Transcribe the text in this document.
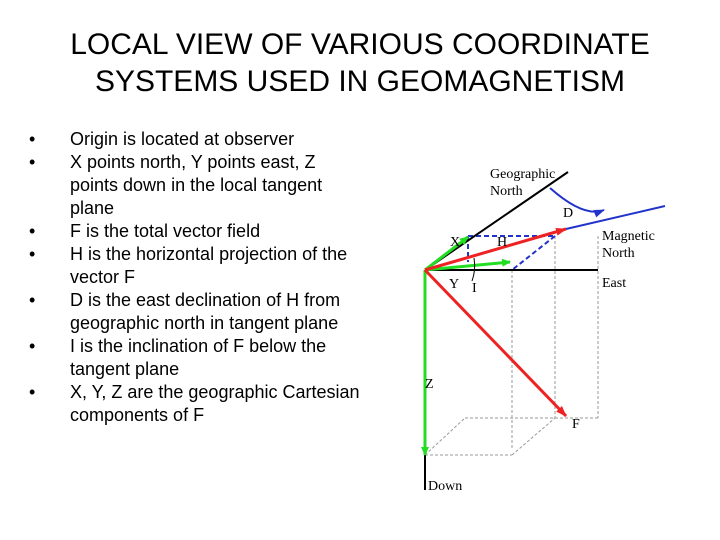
LOCAL VIEW OF VARIOUS COORDINATE
SYSTEMS USED IN GEOMAGNETISM
• Origin is located at observer
• X points north, Y points east, Z points down in the local tangent plane
• F is the total vector field
• H is the horizontal projection of the vector F
• D is the east declination of H from geographic north in tangent plane
• I is the inclination of F below the tangent plane
• X, Y, Z are the geographic Cartesian components of F
Geographic
North
Magnetic
North
East
Down
X
Y
Z
H
D
I
F
